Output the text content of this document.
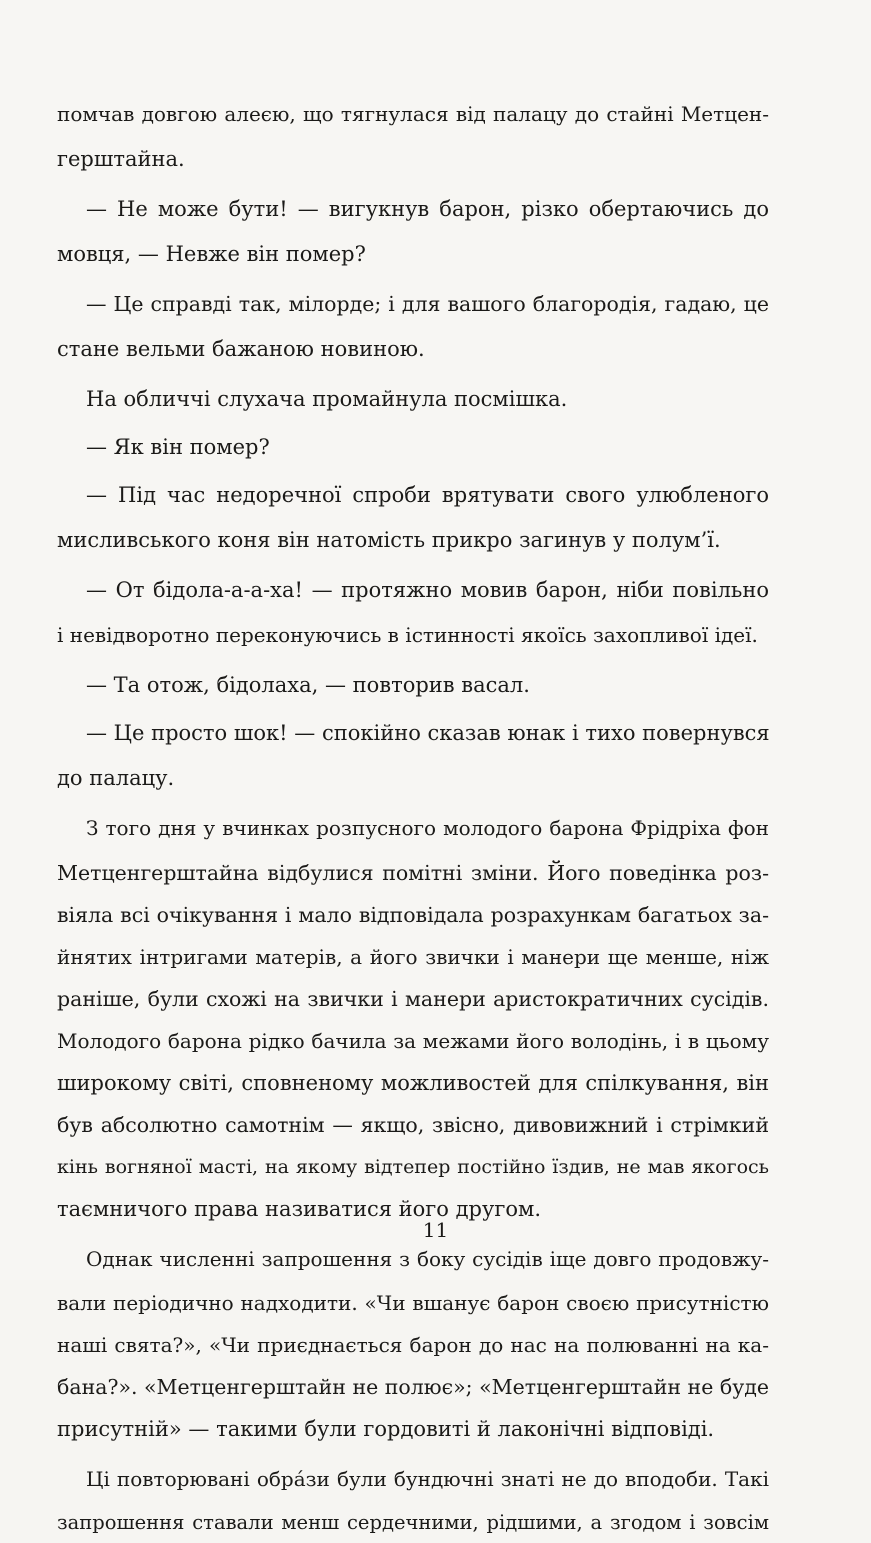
помчав довгою алеєю, що тягнулася від палацу до стайні Метцен-
герштайна.
— Не може бути! — вигукнув барон, різко обертаючись до
мовця, — Невже він помер?
— Це справді так, мілорде; і для вашого благородія, гадаю, це
стане вельми бажаною новиною.
На обличчі слухача промайнула посмішка.
— Як він помер?
— Під час недоречної спроби врятувати свого улюбленого
мисливського коня він натомість прикро загинув у полум’ї.
— От бідола-а-а-ха! — протяжно мовив барон, ніби повільно
і невідворотно переконуючись в істинності якоїсь захопливої ідеї.
— Та отож, бідолаха, — повторив васал.
— Це просто шок! — спокійно сказав юнак і тихо повернувся
до палацу.
З того дня у вчинках розпусного молодого барона Фрідріха фон
Метценгерштайна відбулися помітні зміни. Його поведінка роз-
віяла всі очікування і мало відповідала розрахункам багатьох за-
йнятих інтригами матерів, а його звички і манери ще менше, ніж
раніше, були схожі на звички і манери аристократичних сусідів.
Молодого барона рідко бачила за межами його володінь, і в цьому
широкому світі, сповненому можливостей для спілкування, він
був абсолютно самотнім — якщо, звісно, дивовижний і стрімкий
кінь вогняної масті, на якому відтепер постійно їздив, не мав якогось
таємничого права називатися його другом.
Однак численні запрошення з боку сусідів іще довго продовжу-
вали періодично надходити. «Чи вшанує барон своєю присутністю
наші свята?», «Чи приєднається барон до нас на полюванні на ка-
бана?». «Метценгерштайн не полює»; «Метценгерштайн не буде
присутній» — такими були гордовиті й лаконічні відповіді.
Ці повторювані обрáзи були бундючні знаті не до вподоби. Такі
запрошення ставали менш сердечними, рідшими, а згодом і зовсім
11
